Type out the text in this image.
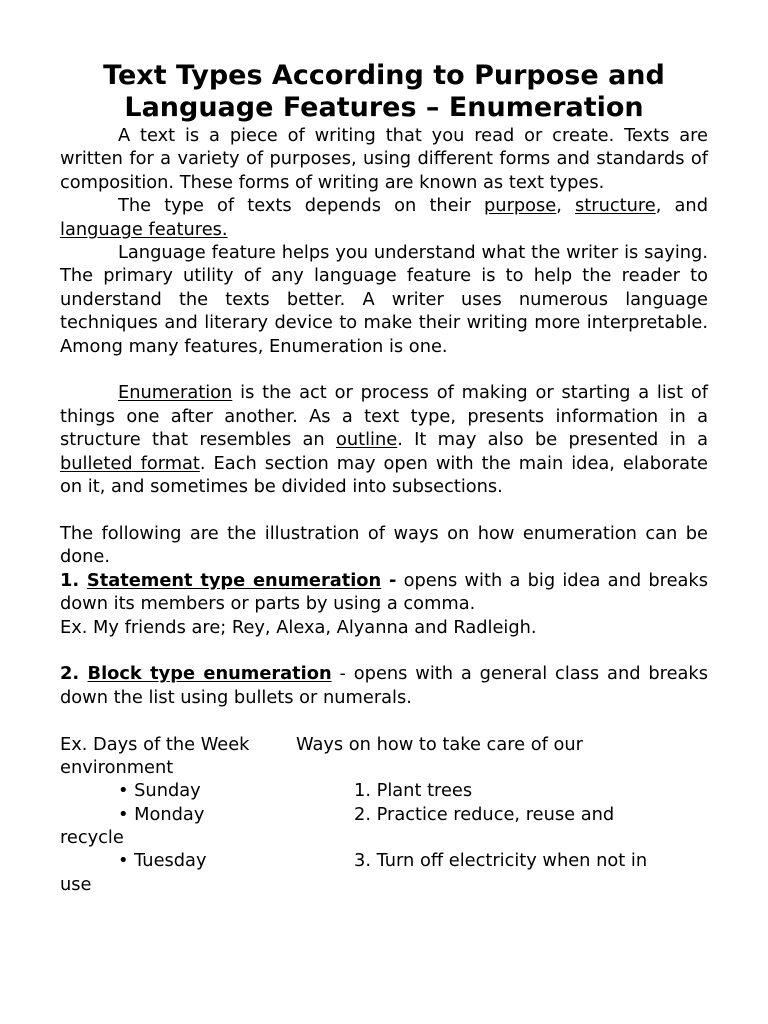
Text Types According to Purpose and
Language Features – Enumeration

A text is a piece of writing that you read or create. Texts are written for a variety of purposes, using different forms and standards of composition. These forms of writing are known as text types.

The type of texts depends on their purpose, structure, and language features.

Language feature helps you understand what the writer is saying. The primary utility of any language feature is to help the reader to understand the texts better. A writer uses numerous language techniques and literary device to make their writing more interpretable. Among many features, Enumeration is one.

Enumeration is the act or process of making or starting a list of things one after another. As a text type, presents information in a structure that resembles an outline. It may also be presented in a bulleted format. Each section may open with the main idea, elaborate on it, and sometimes be divided into subsections.

The following are the illustration of ways on how enumeration can be done.

1. Statement type enumeration - opens with a big idea and breaks down its members or parts by using a comma.

Ex. My friends are; Rey, Alexa, Alyanna and Radleigh.

2. Block type enumeration - opens with a general class and breaks down the list using bullets or numerals.

Ex. Days of the Week	Ways on how to take care of our
environment
• Sunday	1. Plant trees
• Monday	2. Practice reduce, reuse and
recycle
• Tuesday	3. Turn off electricity when not in
use
